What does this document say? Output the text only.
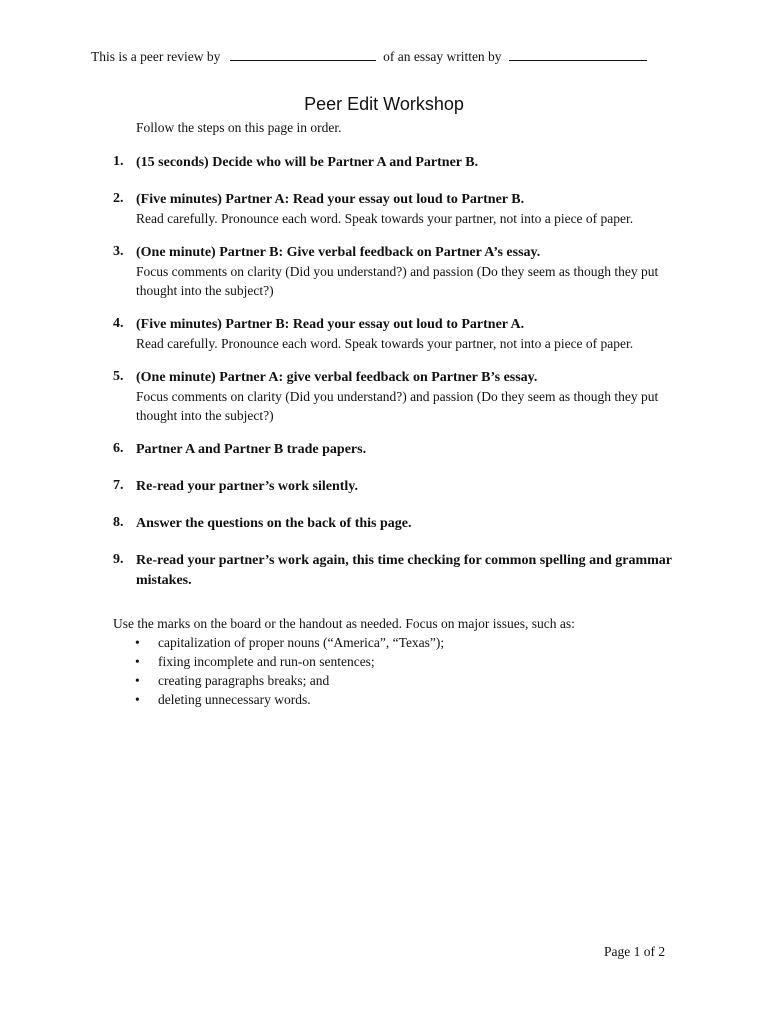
This is a peer review by	of an essay written by
Peer Edit Workshop
Follow the steps on this page in order.
1. (15 seconds) Decide who will be Partner A and Partner B.
2. (Five minutes) Partner A: Read your essay out loud to Partner B.
Read carefully. Pronounce each word. Speak towards your partner, not into a piece of paper.
3. (One minute) Partner B: Give verbal feedback on Partner A’s essay.
Focus comments on clarity (Did you understand?) and passion (Do they seem as though they put thought into the subject?)
4. (Five minutes) Partner B: Read your essay out loud to Partner A.
Read carefully. Pronounce each word. Speak towards your partner, not into a piece of paper.
5. (One minute) Partner A: give verbal feedback on Partner B’s essay.
Focus comments on clarity (Did you understand?) and passion (Do they seem as though they put thought into the subject?)
6. Partner A and Partner B trade papers.
7. Re-read your partner’s work silently.
8. Answer the questions on the back of this page.
9. Re-read your partner’s work again, this time checking for common spelling and grammar mistakes.
Use the marks on the board or the handout as needed. Focus on major issues, such as:
• capitalization of proper nouns (“America”, “Texas”);
• fixing incomplete and run-on sentences;
• creating paragraphs breaks; and
• deleting unnecessary words.
Page 1 of 2
